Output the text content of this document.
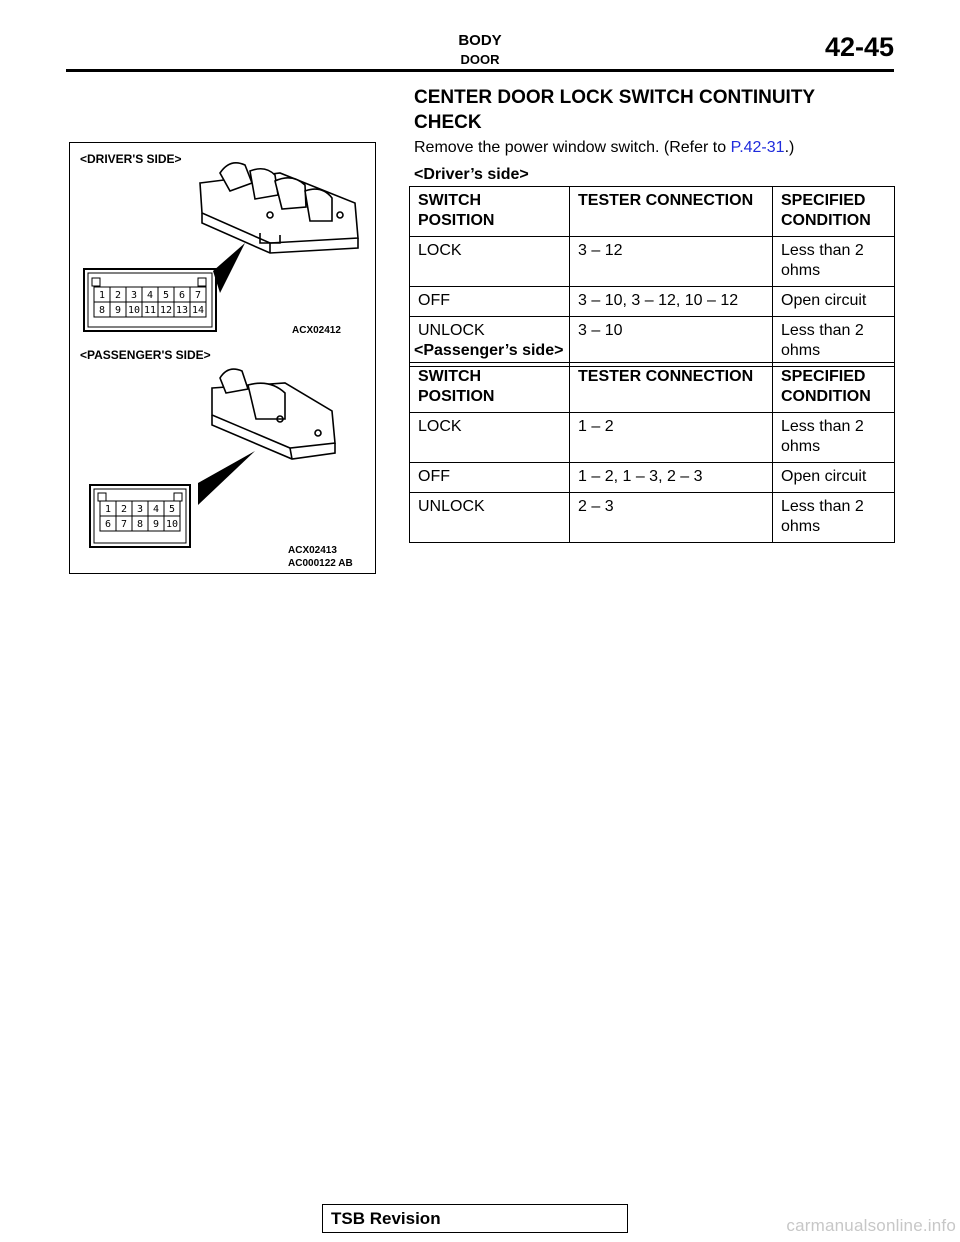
BODY
DOOR	42-45
<DRIVER'S SIDE>
1 2 3 4 5 6 7
8 9 10 11 12 13 14
ACX02412
<PASSENGER'S SIDE>
1 2 3 4 5
6 7 8 9 10
ACX02413
AC000122 AB
CENTER DOOR LOCK SWITCH CONTINUITY CHECK
Remove the power window switch. (Refer to P.42-31.)
<Driver’s side>
SWITCH POSITION	TESTER CONNECTION	SPECIFIED CONDITION
LOCK	3 – 12	Less than 2 ohms
OFF	3 – 10, 3 – 12, 10 – 12	Open circuit
UNLOCK	3 – 10	Less than 2 ohms
<Passenger’s side>
SWITCH POSITION	TESTER CONNECTION	SPECIFIED CONDITION
LOCK	1 – 2	Less than 2 ohms
OFF	1 – 2, 1 – 3, 2 – 3	Open circuit
UNLOCK	2 – 3	Less than 2 ohms
TSB Revision	carmanualsonline.info
